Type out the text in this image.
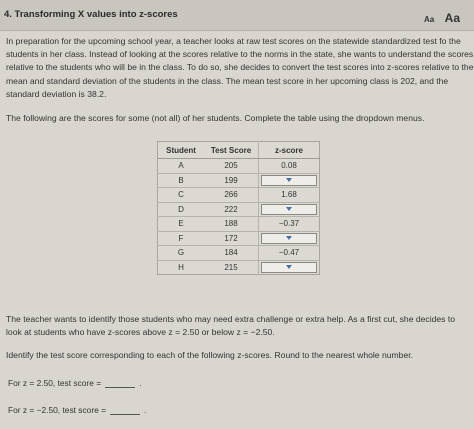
4. Transforming X values into z-scores	Aa Aa
In preparation for the upcoming school year, a teacher looks at raw test scores on the statewide standardized test fo the students in her class. Instead of looking at the scores relative to the norms in the state, she wants to understand the scores relative to the students who will be in the class. To do so, she decides to convert the test scores into z-scores relative to the mean and standard deviation of the students in the class. The mean test score in her upcoming class is 202, and the standard deviation is 38.2.
The following are the scores for some (not all) of her students. Complete the table using the dropdown menus.
Student	Test Score	z-score
A	205	0.08
B	199	

C	266	1.68
D	222	

E	188	−0.37
F	172	

G	184	−0.47
H	215	
The teacher wants to identify those students who may need extra challenge or extra help. As a first cut, she decides to look at students who have z-scores above z = 2.50 or below z = −2.50.
Identify the test score corresponding to each of the following z-scores. Round to the nearest whole number.
For z = 2.50, test score =	.
For z = −2.50, test score =	.
